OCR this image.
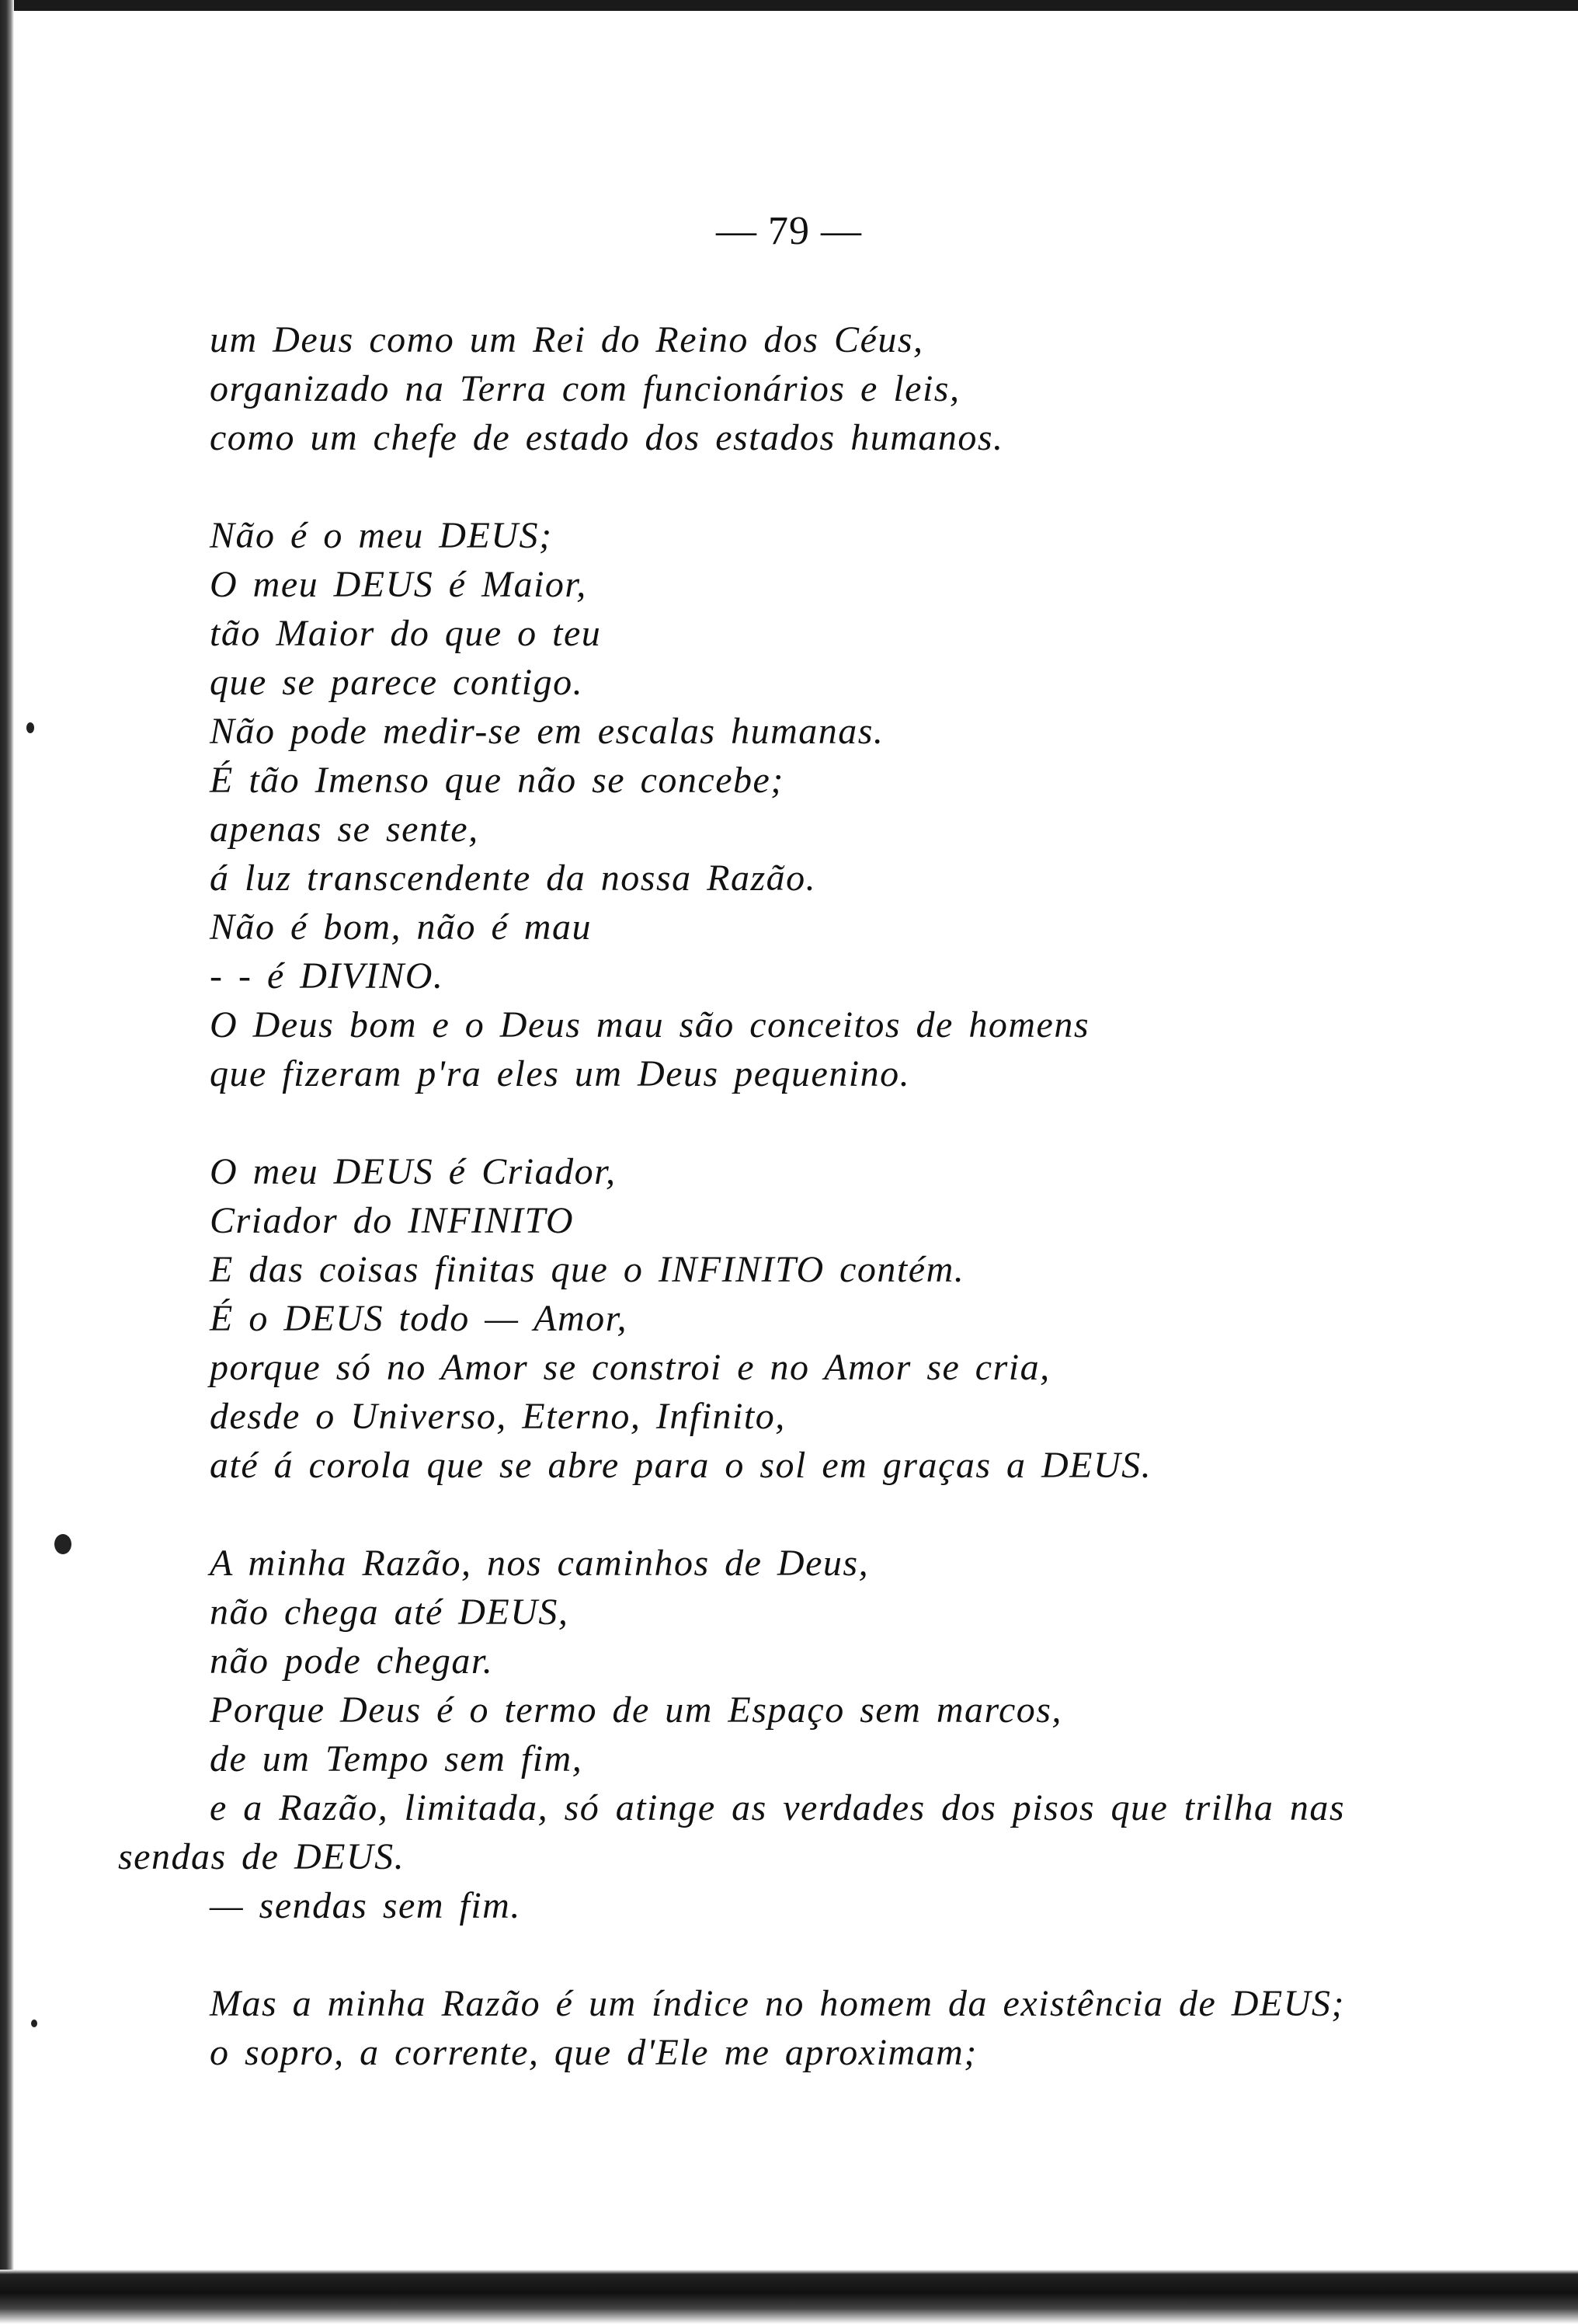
— 79 —
um Deus como um Rei do Reino dos Céus,
organizado na Terra com funcionários e leis,
como um chefe de estado dos estados humanos.
Não é o meu DEUS;
O meu DEUS é Maior,
tão Maior do que o teu
que se parece contigo.
Não pode medir-se em escalas humanas.
É tão Imenso que não se concebe;
apenas se sente,
á luz transcendente da nossa Razão.
Não é bom, não é mau
- - é DIVINO.
O Deus bom e o Deus mau são conceitos de homens
que fizeram p'ra eles um Deus pequenino.
O meu DEUS é Criador,
Criador do INFINITO
E das coisas finitas que o INFINITO contém.
É o DEUS todo — Amor,
porque só no Amor se constroi e no Amor se cria,
desde o Universo, Eterno, Infinito,
até á corola que se abre para o sol em graças a DEUS.
A minha Razão, nos caminhos de Deus,
não chega até DEUS,
não pode chegar.
Porque Deus é o termo de um Espaço sem marcos,
de um Tempo sem fim,
e a Razão, limitada, só atinge as verdades dos pisos que trilha nas sendas de DEUS.
— sendas sem fim.
Mas a minha Razão é um índice no homem da existência de DEUS;
o sopro, a corrente, que d'Ele me aproximam;
